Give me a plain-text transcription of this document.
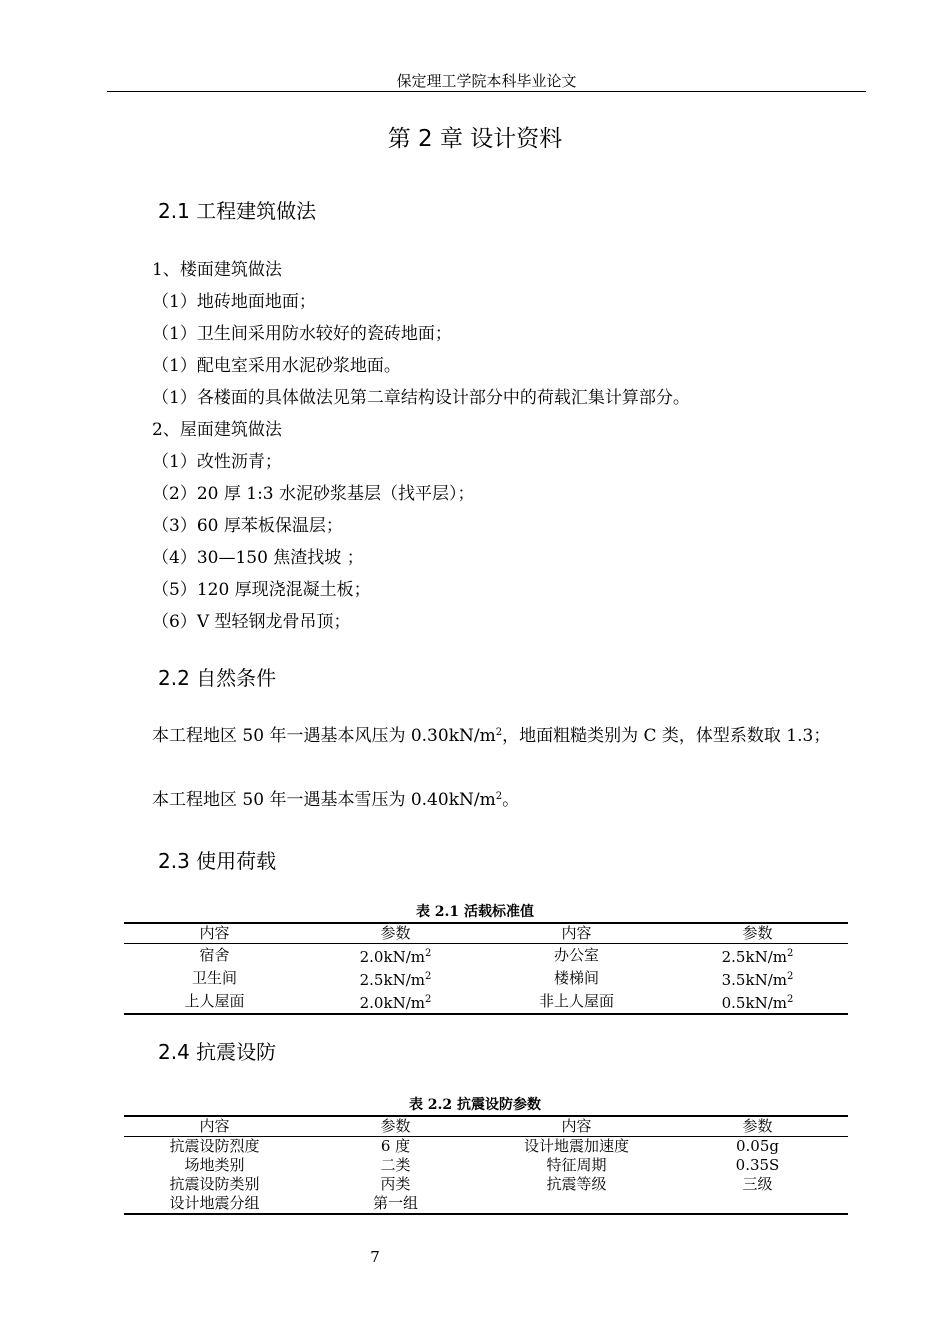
保定理工学院本科毕业论文
第 2 章 设计资料
2.1 工程建筑做法
1、楼面建筑做法
（1）地砖地面地面；
（1）卫生间采用防水较好的瓷砖地面；
（1）配电室采用水泥砂浆地面。
（1）各楼面的具体做法见第二章结构设计部分中的荷载汇集计算部分。
2、屋面建筑做法
（1）改性沥青；
（2）20 厚 1:3 水泥砂浆基层（找平层）；
（3）60 厚苯板保温层；
（4）30—150 焦渣找坡 ；
（5）120 厚现浇混凝土板；
（6）V 型轻钢龙骨吊顶；
2.2 自然条件
本工程地区 50 年一遇基本风压为 $0.30kN/m^2$，地面粗糙类别为 C 类，体型系数取 1.3；
本工程地区 50 年一遇基本雪压为 $0.40kN/m^2$。
2.3 使用荷载
表 2.1 活载标准值
内容	参数	内容	参数
宿舍	$2.0kN/m^2$	办公室	$2.5kN/m^2$
卫生间	$2.5kN/m^2$	楼梯间	$3.5kN/m^2$
上人屋面	$2.0kN/m^2$	非上人屋面	$0.5kN/m^2$
2.4 抗震设防
表 2.2 抗震设防参数
内容	参数	内容	参数
抗震设防烈度	6 度	设计地震加速度	0.05g
场地类别	二类	特征周期	0.35S
抗震设防类别	丙类	抗震等级	三级
设计地震分组	第一组		
7
